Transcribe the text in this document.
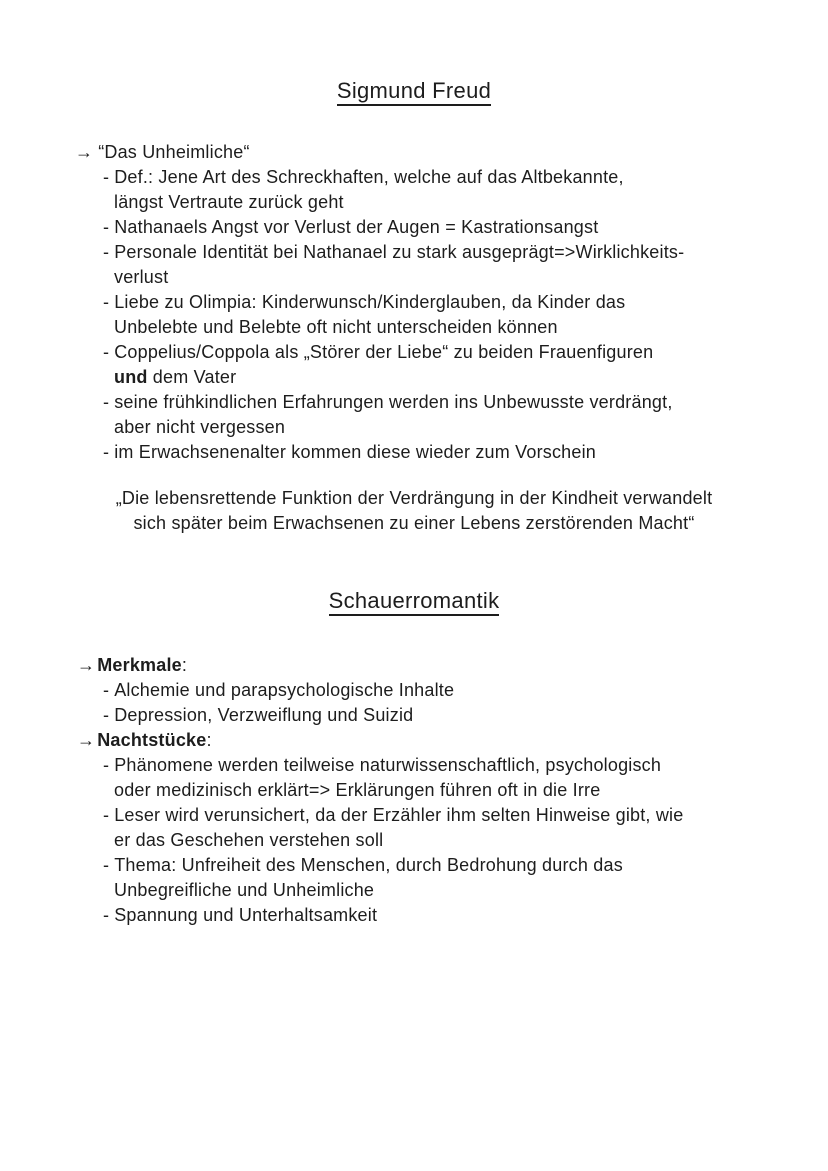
Sigmund Freud
→ “Das Unheimliche“
- Def.: Jene Art des Schreckhaften, welche auf das Altbekannte,
längst Vertraute zurück geht
- Nathanaels Angst vor Verlust der Augen = Kastrationsangst
- Personale Identität bei Nathanael zu stark ausgeprägt=>Wirklichkeits-
verlust
- Liebe zu Olimpia: Kinderwunsch/Kinderglauben, da Kinder das
Unbelebte und Belebte oft nicht unterscheiden können
- Coppelius/Coppola als „Störer der Liebe“ zu beiden Frauenfiguren
und dem Vater
- seine frühkindlichen Erfahrungen werden ins Unbewusste verdrängt,
aber nicht vergessen
- im Erwachsenenalter kommen diese wieder zum Vorschein
„Die lebensrettende Funktion der Verdrängung in der Kindheit verwandelt
sich später beim Erwachsenen zu einer Lebens zerstörenden Macht“
Schauerromantik
→ Merkmale:
- Alchemie und parapsychologische Inhalte
- Depression, Verzweiflung und Suizid
→ Nachtstücke:
- Phänomene werden teilweise naturwissenschaftlich, psychologisch
oder medizinisch erklärt=> Erklärungen führen oft in die Irre
- Leser wird verunsichert, da der Erzähler ihm selten Hinweise gibt, wie
er das Geschehen verstehen soll
- Thema: Unfreiheit des Menschen, durch Bedrohung durch das
Unbegreifliche und Unheimliche
- Spannung und Unterhaltsamkeit
